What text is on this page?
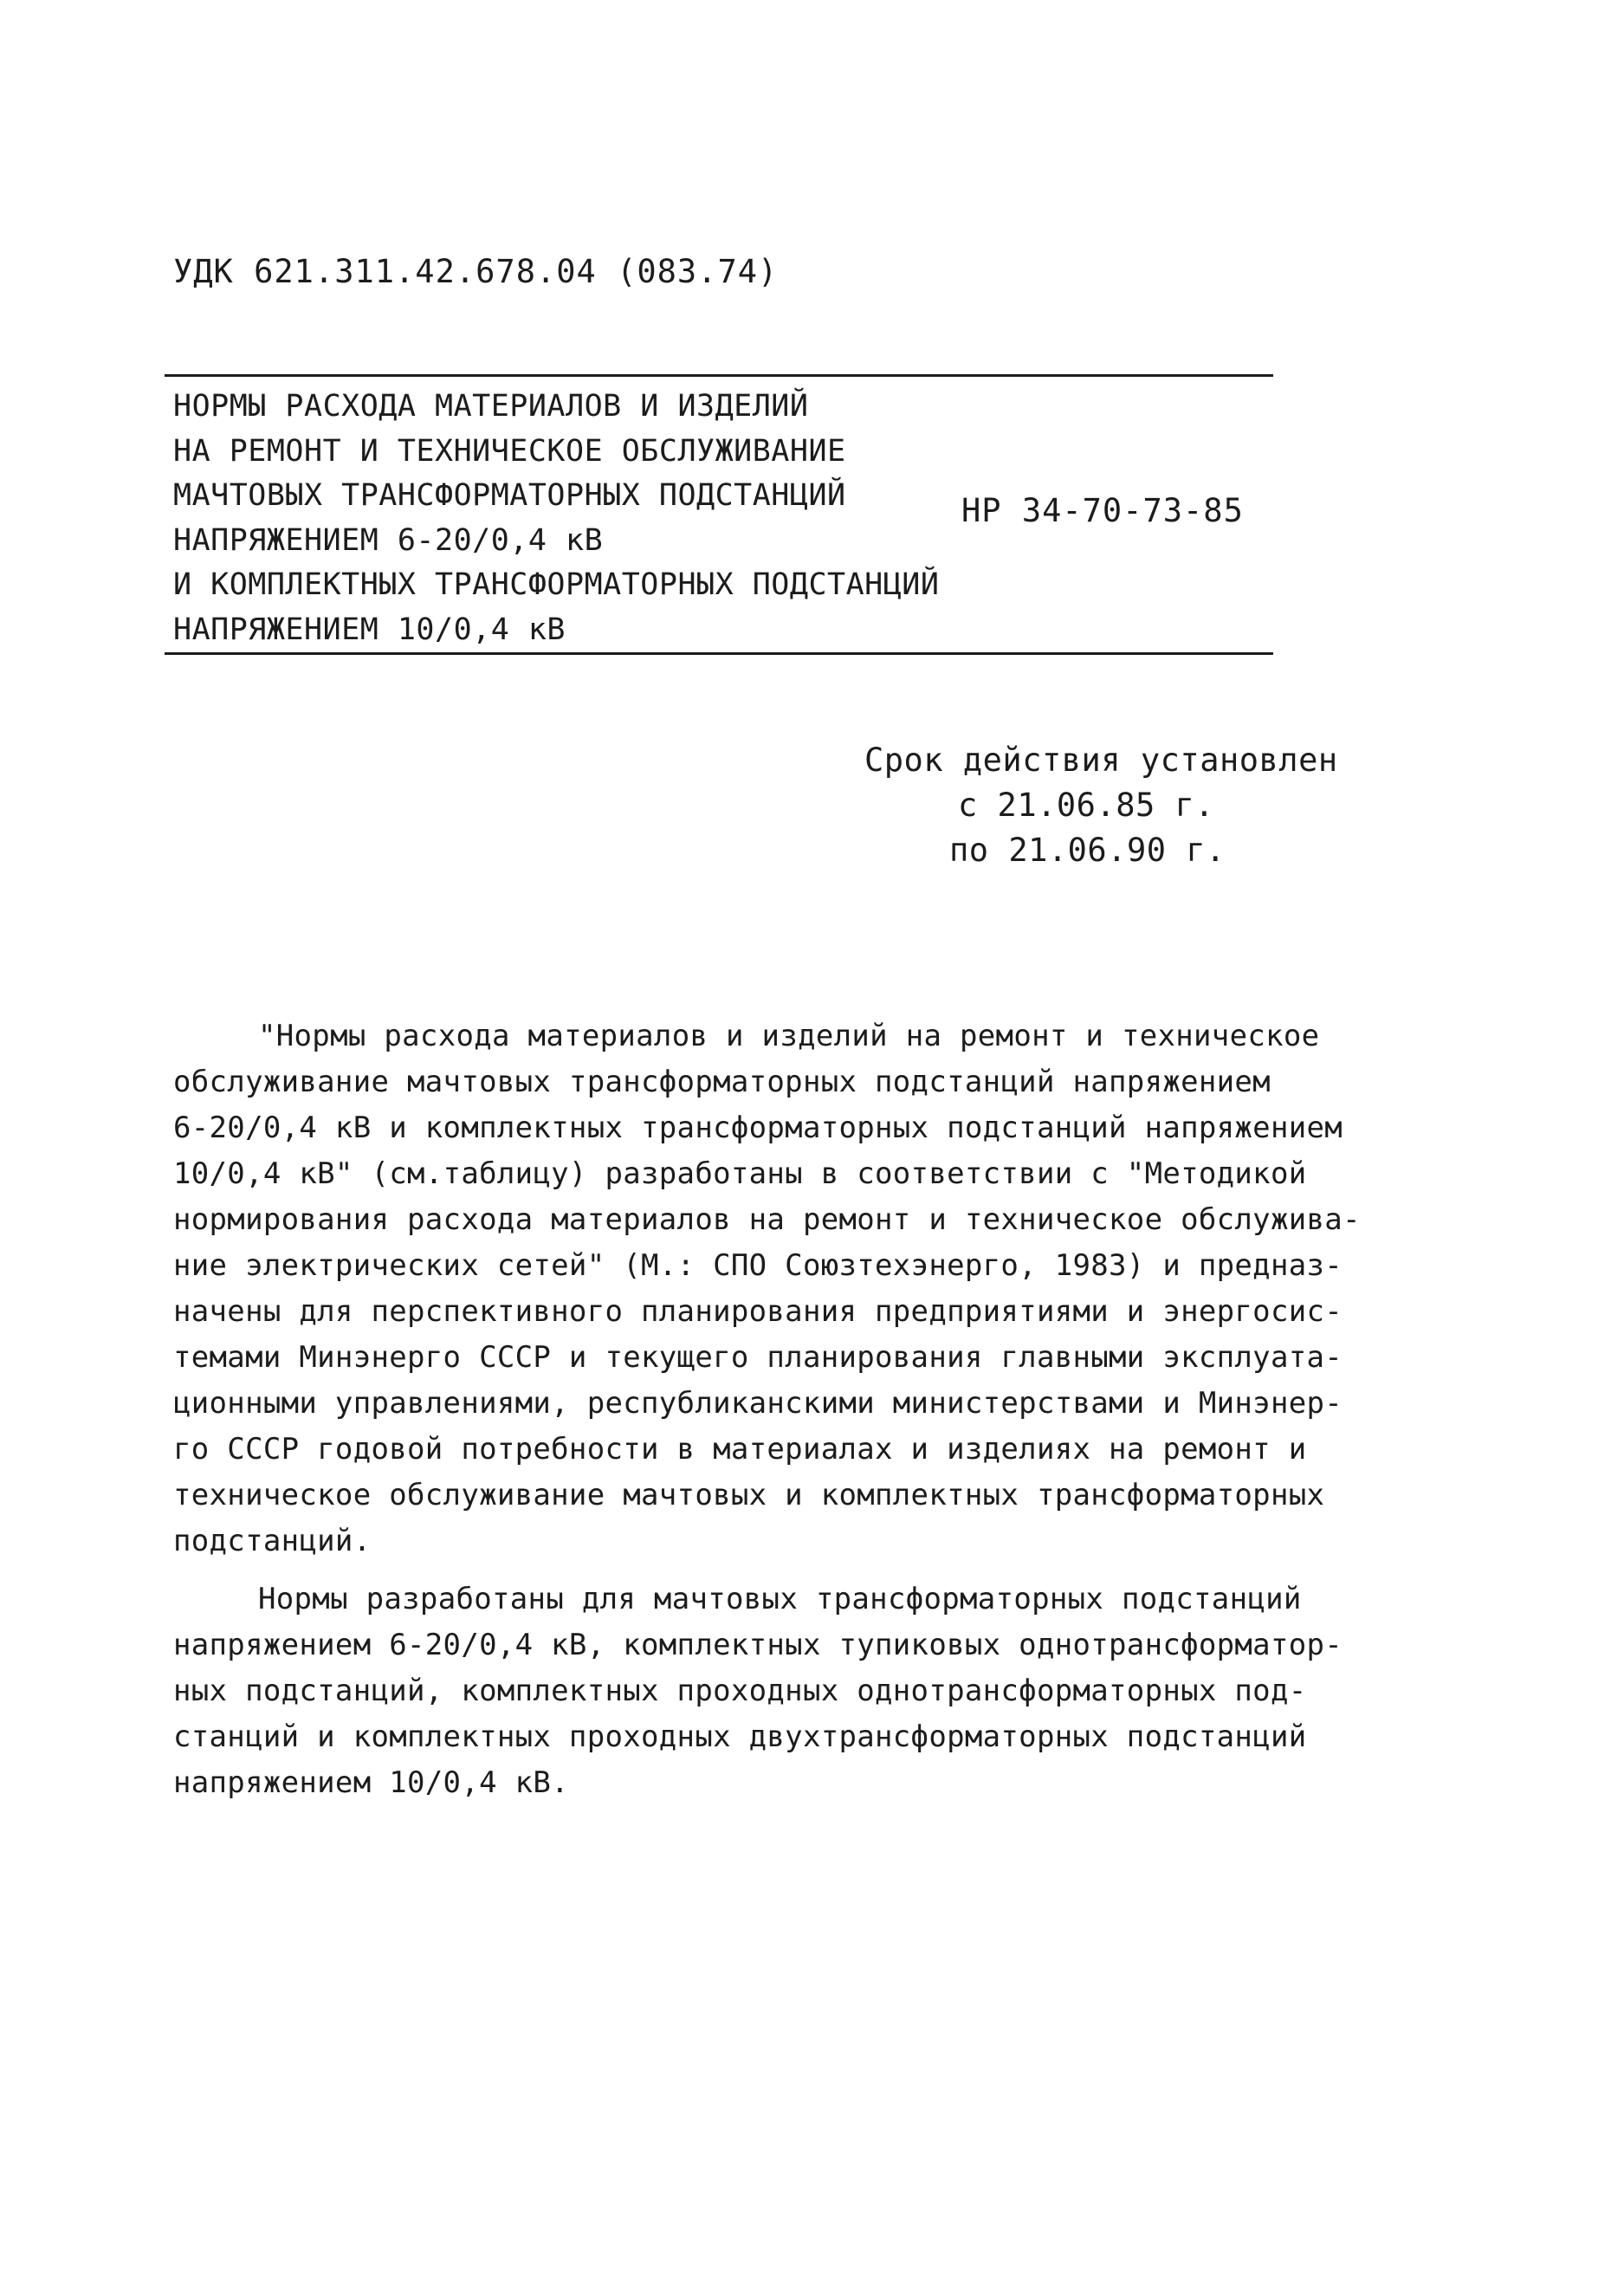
УДК 621.311.42.678.04 (083.74)
НОРМЫ РАСХОДА МАТЕРИАЛОВ И ИЗДЕЛИЙ
НА РЕМОНТ И ТЕХНИЧЕСКОЕ ОБСЛУЖИВАНИЕ
МАЧТОВЫХ ТРАНСФОРМАТОРНЫХ ПОДСТАНЦИЙ
НАПРЯЖЕНИЕМ 6-20/0,4 кВ
И КОМПЛЕКТНЫХ ТРАНСФОРМАТОРНЫХ ПОДСТАНЦИЙ
НАПРЯЖЕНИЕМ 10/0,4 кВ
НР 34-70-73-85
Срок действия установлен
с 21.06.85 г.
по 21.06.90 г.
"Нормы расхода материалов и изделий на ремонт и техническое
обслуживание мачтовых трансформаторных подстанций напряжением
6-20/0,4 кВ и комплектных трансформаторных подстанций напряжением
10/0,4 кВ" (см.таблицу) разработаны в соответствии с "Методикой
нормирования расхода материалов на ремонт и техническое обслужива-
ние электрических сетей" (М.: СПО Союзтехэнерго, 1983) и предназ-
начены для перспективного планирования предприятиями и энергосис-
темами Минэнерго СССР и текущего планирования главными эксплуата-
ционными управлениями, республиканскими министерствами и Минэнер-
го СССР годовой потребности в материалах и изделиях на ремонт и
техническое обслуживание мачтовых и комплектных трансформаторных
подстанций.
Нормы разработаны для мачтовых трансформаторных подстанций
напряжением 6-20/0,4 кВ, комплектных тупиковых однотрансформатор-
ных подстанций, комплектных проходных однотрансформаторных под-
станций и комплектных проходных двухтрансформаторных подстанций
напряжением 10/0,4 кВ.
